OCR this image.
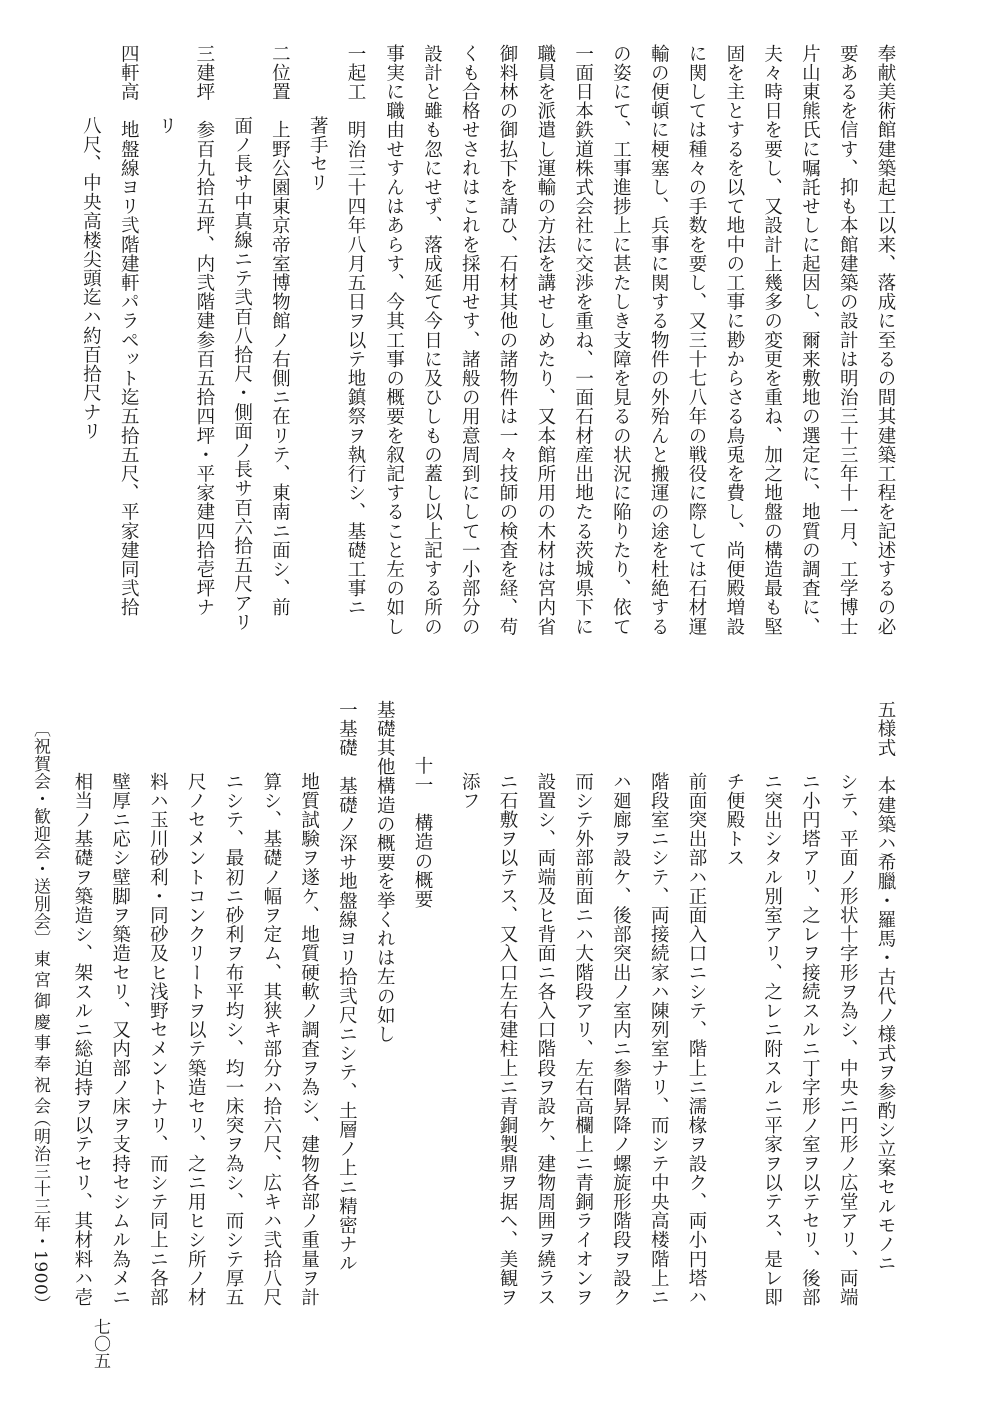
奉献美術館建築起工以来、落成に至るの間其建築工程を記述するの必
要あるを信す、抑も本館建築の設計は明治三十三年十一月、工学博士
片山東熊氏に嘱託せしに起因し、爾来敷地の選定に、地質の調査に、
夫々時日を要し、又設計上幾多の変更を重ね、加之地盤の構造最も堅
固を主とするを以て地中の工事に尠からさる鳥兎を費し、尚便殿増設
に関しては種々の手数を要し、又三十七八年の戦役に際しては石材運
輸の便頓に梗塞し、兵事に関する物件の外殆んと搬運の途を杜絶する
の姿にて、工事進捗上に甚たしき支障を見るの状況に陥りたり、依て
一面日本鉄道株式会社に交渉を重ね、一面石材産出地たる茨城県下に
職員を派遣し運輸の方法を講せしめたり、又本館所用の木材は宮内省
御料林の御払下を請ひ、石材其他の諸物件は一々技師の検査を経、苟
くも合格せされはこれを採用せす、諸般の用意周到にして一小部分の
設計と雖も忽にせず、落成延て今日に及ひしもの蓋し以上記する所の
事実に職由せすんはあらす、今其工事の概要を叙記すること左の如し
一起工　明治三十四年八月五日ヲ以テ地鎮祭ヲ執行シ、基礎工事ニ
著手セリ
二位置　上野公園東京帝室博物館ノ右側ニ在リテ、東南ニ面シ、前
面ノ長サ中真線ニテ弐百八拾尺・側面ノ長サ百六拾五尺アリ
三建坪　参百九拾五坪、内弐階建参百五拾四坪・平家建四拾壱坪ナ
リ
四軒高　地盤線ヨリ弐階建軒パラペット迄五拾五尺、平家建同弐拾
八尺、中央高楼尖頭迄ハ約百拾尺ナリ
五様式　本建築ハ希臘・羅馬・古代ノ様式ヲ参酌シ立案セルモノニ
シテ、平面ノ形状十字形ヲ為シ、中央ニ円形ノ広堂アリ、両端
ニ小円塔アリ、之レヲ接続スルニ丁字形ノ室ヲ以テセリ、後部
ニ突出シタル別室アリ、之レニ附スルニ平家ヲ以テス、是レ即
チ便殿トス
前面突出部ハ正面入口ニシテ、階上ニ濡椽ヲ設ク、両小円塔ハ
階段室ニシテ、両接続家ハ陳列室ナリ、而シテ中央高楼階上ニ
ハ廻廊ヲ設ケ、後部突出ノ室内ニ参階昇降ノ螺旋形階段ヲ設ク
而シテ外部前面ニハ大階段アリ、左右高欄上ニ青銅ライオンヲ
設置シ、両端及ヒ背面ニ各入口階段ヲ設ケ、建物周囲ヲ繞ラス
ニ石敷ヲ以テス、又入口左右建柱上ニ青銅製鼎ヲ据ヘ、美観ヲ
添フ
十一　構造の概要
基礎其他構造の概要を挙くれは左の如し
一基礎　基礎ノ深サ地盤線ヨリ拾弐尺ニシテ、土層ノ上ニ精密ナル
地質試験ヲ遂ケ、地質硬軟ノ調査ヲ為シ、建物各部ノ重量ヲ計
算シ、基礎ノ幅ヲ定ム、其狭キ部分ハ拾六尺、広キハ弐拾八尺
ニシテ、最初ニ砂利ヲ布平均シ、均一床突ヲ為シ、而シテ厚五
尺ノセメントコンクリートヲ以テ築造セリ、之ニ用ヒシ所ノ材
料ハ玉川砂利・同砂及ヒ浅野セメントナリ、而シテ同上ニ各部
壁厚ニ応シ壁脚ヲ築造セリ、又内部ノ床ヲ支持セシムル為メニ
相当ノ基礎ヲ築造シ、架スルニ総迫持ヲ以テセリ、其材料ハ壱
〔祝賀会・歓迎会・送別会〕
東宮御慶事奉祝会
（明治三十三年・1900）
七〇五
